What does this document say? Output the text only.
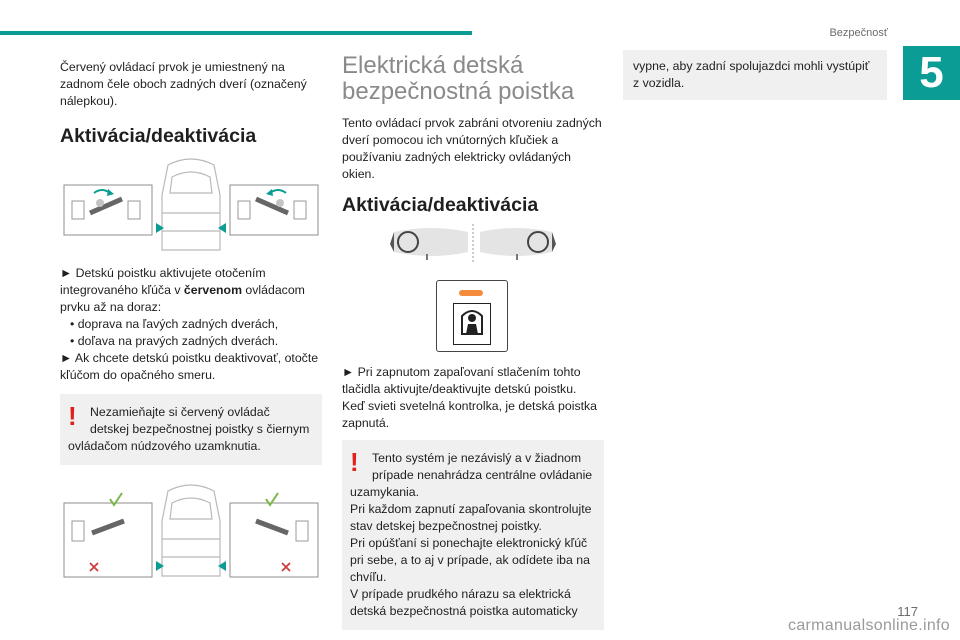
Bezpečnosť
5

Červený ovládací prvok je umiestnený na zadnom čele oboch zadných dverí (označený nálepkou).

Aktivácia/deaktivácia

► Detskú poistku aktivujete otočením integrovaného kľúča v červenom ovládacom prvku až na doraz:

• doprava na ľavých zadných dverách,

• doľava na pravých zadných dverách.

► Ak chcete detskú poistku deaktivovať, otočte kľúčom do opačného smeru.

!	Nezamieňajte si červený ovládač detskej bezpečnostnej poistky s čiernym
ovládačom núdzového uzamknutia.
Elektrická detská bezpečnostná poistka

Tento ovládací prvok zabráni otvoreniu zadných dverí pomocou ich vnútorných kľučiek a používaniu zadných elektricky ovládaných okien.

Aktivácia/deaktivácia

► Pri zapnutom zapaľovaní stlačením tohto tlačidla aktivujte/deaktivujte detskú poistku.

Keď svieti svetelná kontrolka, je detská poistka zapnutá.

!	Tento systém je nezávislý a v žiadnom prípade nenahrádza centrálne ovládanie
uzamykania.
Pri každom zapnutí zapaľovania skontrolujte stav detskej bezpečnostnej poistky.
Pri opúšťaní si ponechajte elektronický kľúč pri sebe, a to aj v prípade, ak odídete iba na chvíľu.
V prípade prudkého nárazu sa elektrická detská bezpečnostná poistka automaticky
vypne, aby zadní spolujazdci mohli vystúpiť z vozidla.
117
carmanualsonline.info
